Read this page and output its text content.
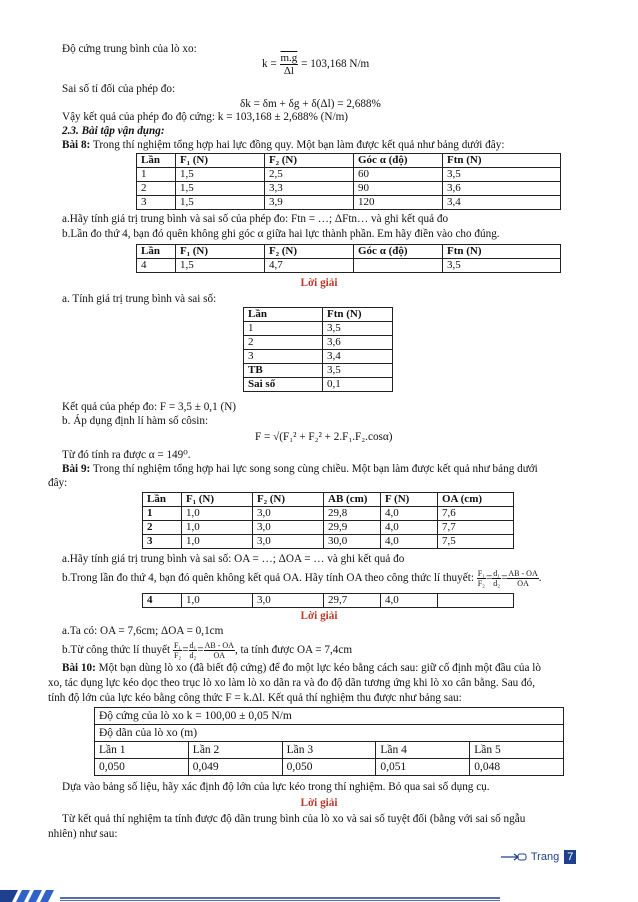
Độ cứng trung bình của lò xo:
$k = \frac{m.g}{\Delta l} = 103,168$ N/m
Sai số tỉ đối của phép đo:
δk = δm + δg + δ(Δl) = 2,688%
Vậy kết quả của phép đo độ cứng: k = 103,168 ± 2,688% (N/m)
2.3. Bài tập vận dụng:
Bài 8: Trong thí nghiệm tổng hợp hai lực đồng quy. Một bạn làm được kết quả như bảng dưới đây:
Lần	F₁ (N)	F₂ (N)	Góc α (độ)	Ftn (N)
1	1,5	2,5	60	3,5
2	1,5	3,3	90	3,6
3	1,5	3,9	120	3,4
a.Hãy tính giá trị trung bình và sai số của phép đo: Ftn = …; ΔFtn… và ghi kết quả đo
b.Lần đo thứ 4, bạn đó quên không ghi góc α giữa hai lực thành phần. Em hãy điền vào cho đúng.
Lần	F₁ (N)	F₂ (N)	Góc α (độ)	Ftn (N)
4	1,5	4,7		3,5
Lời giải
a. Tính giá trị trung bình và sai số:
Lần	Ftn (N)
1	3,5
2	3,6
3	3,4
TB	3,5
Sai số	0,1
Kết quả của phép đo: F = 3,5 ± 0,1 (N)
b. Áp dụng định lí hàm số côsin:
F = √(F₁² + F₂² + 2.F₁.F₂.cosα)
Từ đó tính ra được α = 149⁰.
Bài 9: Trong thí nghiệm tổng hợp hai lực song song cùng chiều. Một bạn làm được kết quả như bảng dưới
đây:
Lần	F₁ (N)	F₂ (N)	AB (cm)	F (N)	OA (cm)
1	1,0	3,0	29,8	4,0	7,6
2	1,0	3,0	29,9	4,0	7,7
3	1,0	3,0	30,0	4,0	7,5
a.Hãy tính giá trị trung bình và sai số: OA = …; ΔOA = … và ghi kết quả đo
b.Trong lần đo thứ 4, bạn đó quên không kết quả OA. Hãy tính OA theo công thức lí thuyết: $\frac{\text{F₁}}{\text{F₂}} = \frac{\text{d₁}}{\text{d₂}} = \frac{AB - OA}{OA}$ .
4	1,0	3,0	29,7	4,0	
Lời giải
a.Ta có: OA = 7,6cm; ΔOA = 0,1cm
b.Từ công thức lí thuyết $\frac{\text{F₁}}{\text{F₂}} = \frac{\text{d₁}}{\text{d₂}} = \frac{AB - OA}{OA}$ , ta tính được OA = 7,4cm
Bài 10: Một bạn dùng lò xo (đã biết độ cứng) để đo một lực kéo bằng cách sau: giữ cố định một đầu của lò
xo, tác dụng lực kéo dọc theo trục lò xo làm lò xo dãn ra và đo độ dãn tương ứng khi lò xo cân bằng. Sau đó,
tính độ lớn của lực kéo bằng công thức F = k.Δl. Kết quả thí nghiệm thu được như bảng sau:
Độ cứng của lò xo k = 100,00 ± 0,05 N/m				
Độ dãn của lò xo (m)				
Lần 1	Lần 2	Lần 3	Lần 4	Lần 5
0,050	0,049	0,050	0,051	0,048
Dựa vào bảng số liệu, hãy xác định độ lớn của lực kéo trong thí nghiệm. Bỏ qua sai số dụng cụ.
Lời giải
Từ kết quả thí nghiệm ta tính được độ dãn trung bình của lò xo và sai số tuyệt đối (bằng với sai số ngẫu
nhiên) như sau:
Trang 7
